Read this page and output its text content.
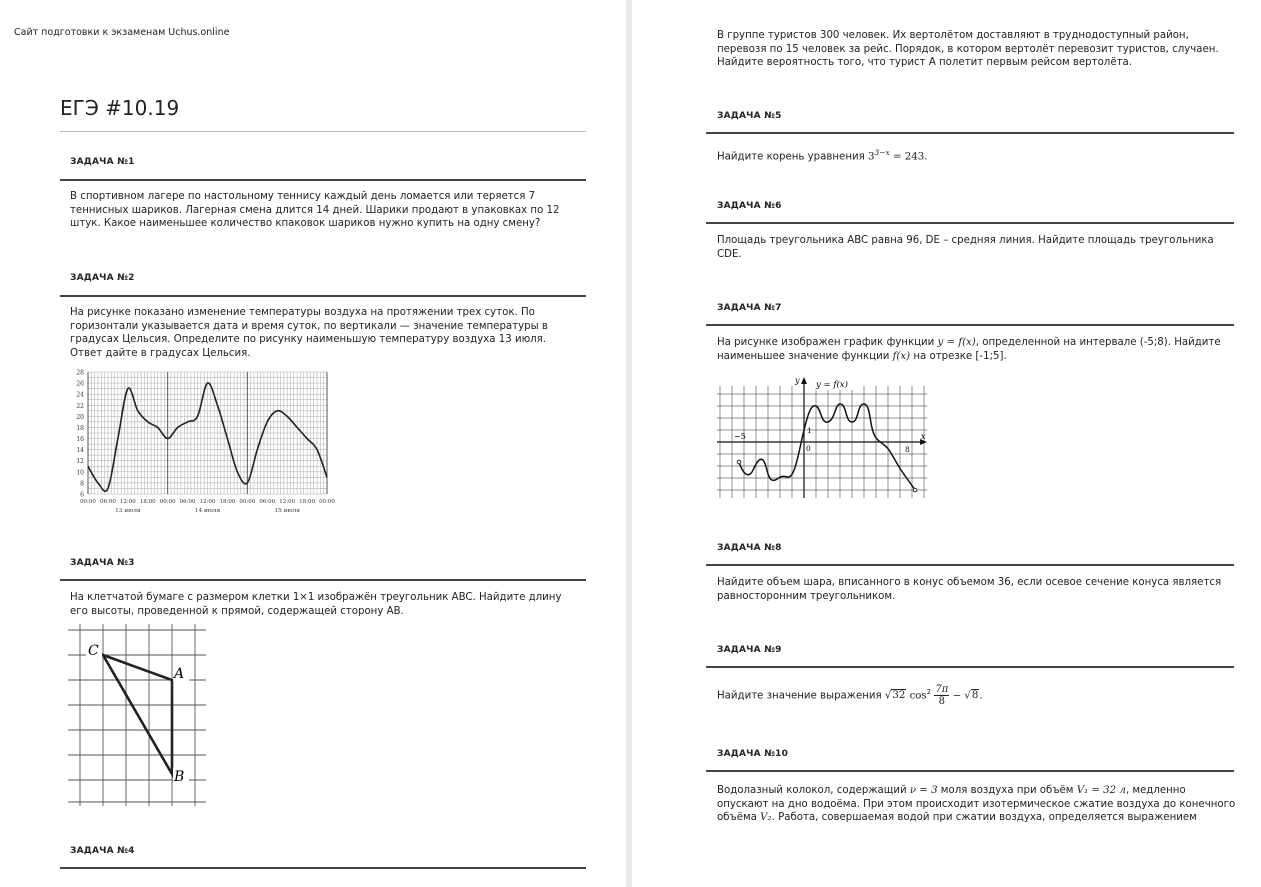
Сайт подготовки к экзаменам Uchus.online
ЕГЭ #10.19
ЗАДАЧА №1

В спортивном лагере по настольному теннису каждый день ломается или теряется 7 теннисных шариков. Лагерная смена длится 14 дней. Шарики продают в упаковках по 12 штук. Какое наименьшее количество кпаковок шариков нужно купить на одну смену?

ЗАДАЧА №2

На рисунке показано изменение температуры воздуха на протяжении трех суток. По горизонтали указывается дата и время суток, по вертикали — значение температуры в градусах Цельсия. Определите по рисунку наименьшую температуру воздуха 13 июля. Ответ дайте в градусах Цельсия.

28
26
24
22
20
18
16
14
12
10
8
6
00:00 06:00 12:00 18:00 00:00 06:00 12:00 18:00 00:00 06:00 12:00 18:00 00:00
13 июля	14 июля	15 июля
ЗАДАЧА №3

На клетчатой бумаге с размером клетки 1×1 изображён треугольник ABC. Найдите длину его высоты, проведенной к прямой, содержащей сторону AB.

C
A
B
ЗАДАЧА №4

В группе туристов 300 человек. Их вертолётом доставляют в труднодоступный район, перевозя по 15 человек за рейс. Порядок, в котором вертолёт перевозит туристов, случаен. Найдите вероятность того, что турист А полетит первым рейсом вертолёта.

ЗАДАЧА №5

Найдите корень уравнения $3^{3-x} = 243$.

ЗАДАЧА №6

Площадь треугольника ABC равна 96, DE – средняя линия. Найдите площадь треугольника CDE.

ЗАДАЧА №7

На рисунке изображен график функции y = f(x), определенной на интервале (-5;8). Найдите наименьшее значение функции f(x) на отрезке [-1;5].

y = f(x)
y
x
−5
0
1
8
ЗАДАЧА №8

Найдите объем шара, вписанного в конус объемом 36, если осевое сечение конуса является равносторонним треугольником.

ЗАДАЧА №9
Найдите значение выражения √32 $\cos^2 \frac{7\pi}{8} - √8$.
ЗАДАЧА №10

Водолазный колокол, содержащий ν = 3 моля воздуха при объём V₁ = 32 л, медленно опускают на дно водоёма. При этом происходит изотермическое сжатие воздуха до конечного объёма V₂. Работа, совершаемая водой при сжатии воздуха, определяется выражением
